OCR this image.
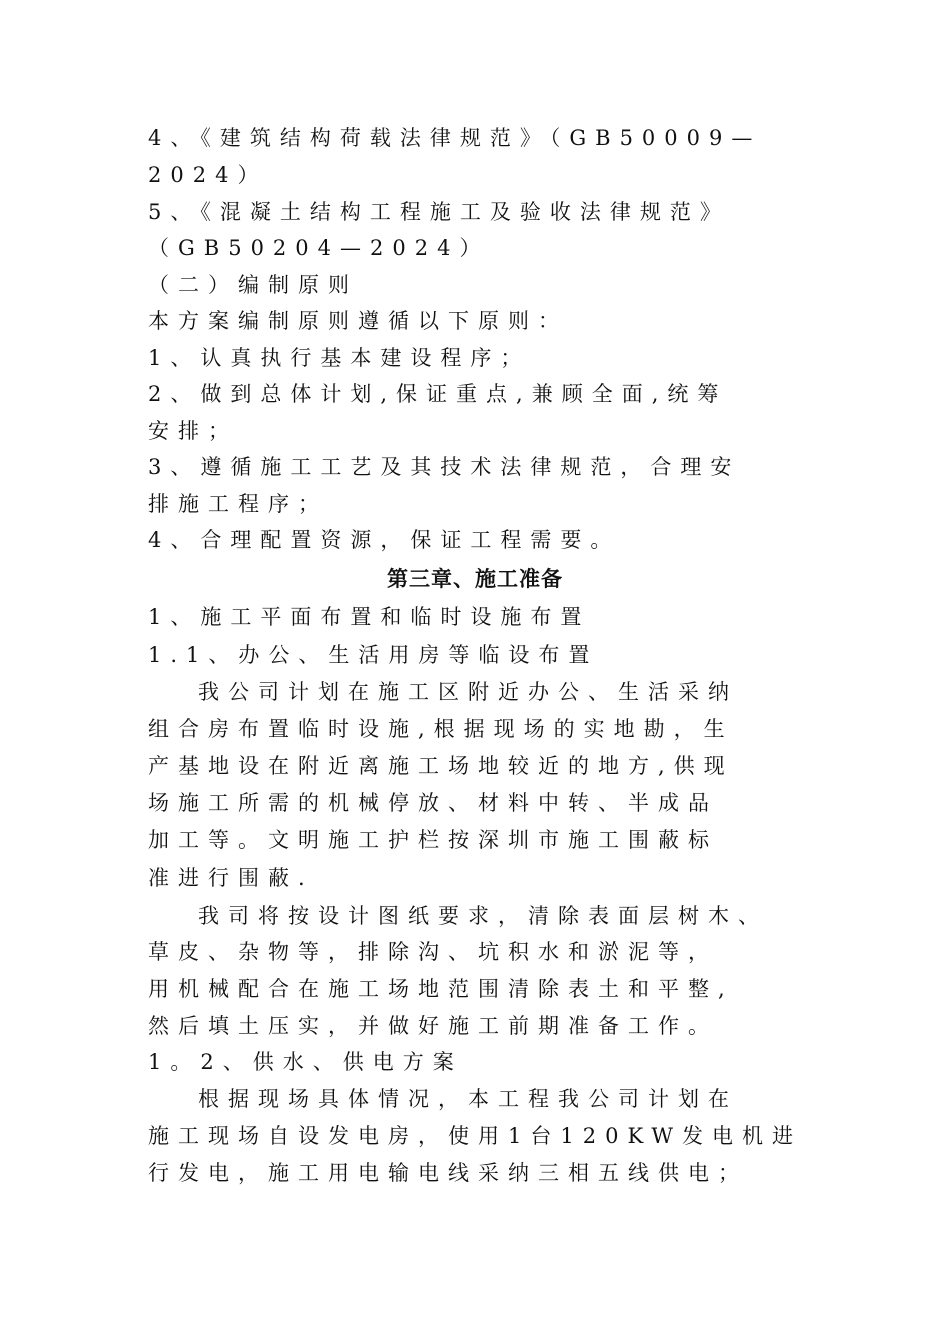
4、《建筑结构荷载法律规范》（GB50009—
2024）
5、《混凝土结构工程施工及验收法律规范》
（GB50204—2024）
（二）编制原则
本方案编制原则遵循以下原则：
1、认真执行基本建设程序；
2、做到总体计划,保证重点,兼顾全面,统筹
安排；
3、遵循施工工艺及其技术法律规范，合理安
排施工程序；
4、合理配置资源，保证工程需要。
第三章、施工准备
1、施工平面布置和临时设施布置
1.1、办公、生活用房等临设布置
我公司计划在施工区附近办公、生活采纳
组合房布置临时设施,根据现场的实地勘，生
产基地设在附近离施工场地较近的地方,供现
场施工所需的机械停放、材料中转、半成品
加工等。文明施工护栏按深圳市施工围蔽标
准进行围蔽.
我司将按设计图纸要求，清除表面层树木、
草皮、杂物等，排除沟、坑积水和淤泥等，
用机械配合在施工场地范围清除表土和平整,
然后填土压实，并做好施工前期准备工作。
1。2、供水、供电方案
根据现场具体情况，本工程我公司计划在
施工现场自设发电房，使用1台120KW发电机进
行发电，施工用电输电线采纳三相五线供电；
